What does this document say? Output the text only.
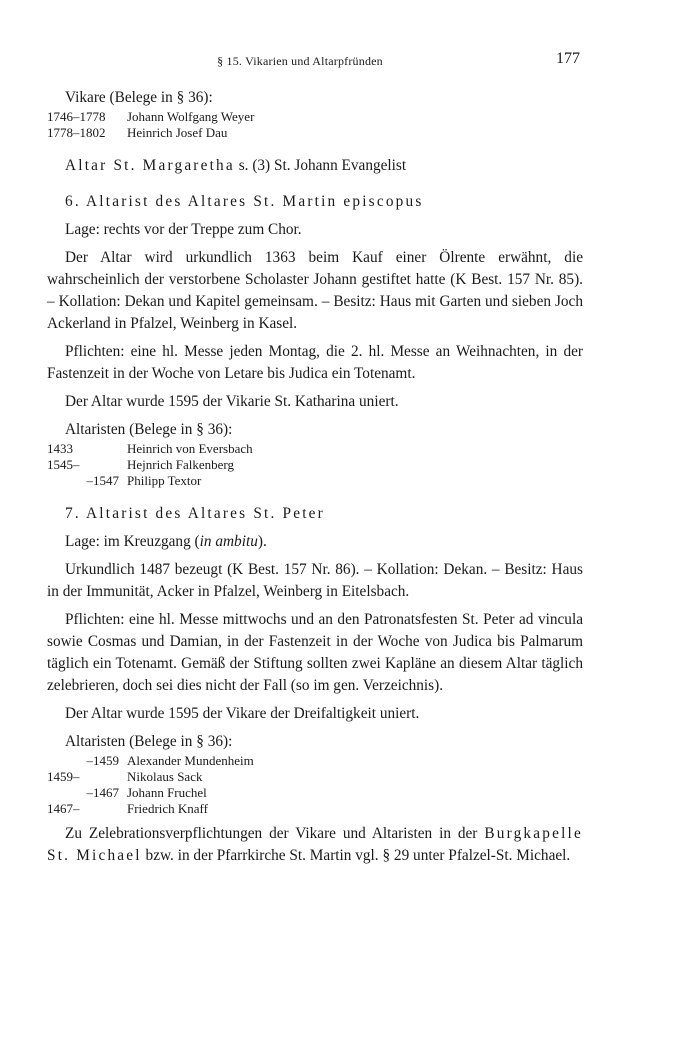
§ 15. Vikarien und Altarpfründen	177

Vikare (Belege in § 36):

1746–1778	Johann Wolfgang Weyer
1778–1802	Heinrich Josef Dau

Altar St. Margaretha s. (3) St. Johann Evangelist

6. Altarist des Altares St. Martin episcopus

Lage: rechts vor der Treppe zum Chor.

Der Altar wird urkundlich 1363 beim Kauf einer Ölrente erwähnt, die wahrscheinlich der verstorbene Scholaster Johann gestiftet hatte (K Best. 157 Nr. 85). – Kollation: Dekan und Kapitel gemeinsam. – Besitz: Haus mit Garten und sieben Joch Ackerland in Pfalzel, Weinberg in Kasel.

Pflichten: eine hl. Messe jeden Montag, die 2. hl. Messe an Weihnachten, in der Fastenzeit in der Woche von Letare bis Judica ein Totenamt.

Der Altar wurde 1595 der Vikarie St. Katharina uniert.

Altaristen (Belege in § 36):

1433	Heinrich von Eversbach
1545–	Hejnrich Falkenberg
–1547 Philipp Textor

7. Altarist des Altares St. Peter

Lage: im Kreuzgang (in ambitu).

Urkundlich 1487 bezeugt (K Best. 157 Nr. 86). – Kollation: Dekan. – Besitz: Haus in der Immunität, Acker in Pfalzel, Weinberg in Eitelsbach.

Pflichten: eine hl. Messe mittwochs und an den Patronatsfesten St. Peter ad vincula sowie Cosmas und Damian, in der Fastenzeit in der Woche von Judica bis Palmarum täglich ein Totenamt. Gemäß der Stiftung sollten zwei Kapläne an diesem Altar täglich zelebrieren, doch sei dies nicht der Fall (so im gen. Verzeichnis).

Der Altar wurde 1595 der Vikare der Dreifaltigkeit uniert.

Altaristen (Belege in § 36):

–1459 Alexander Mundenheim
1459–	Nikolaus Sack
–1467 Johann Fruchel
1467–	Friedrich Knaff

Zu Zelebrationsverpflichtungen der Vikare und Altaristen in der Burgkapelle St. Michael bzw. in der Pfarrkirche St. Martin vgl. § 29 unter Pfalzel-St. Michael.
